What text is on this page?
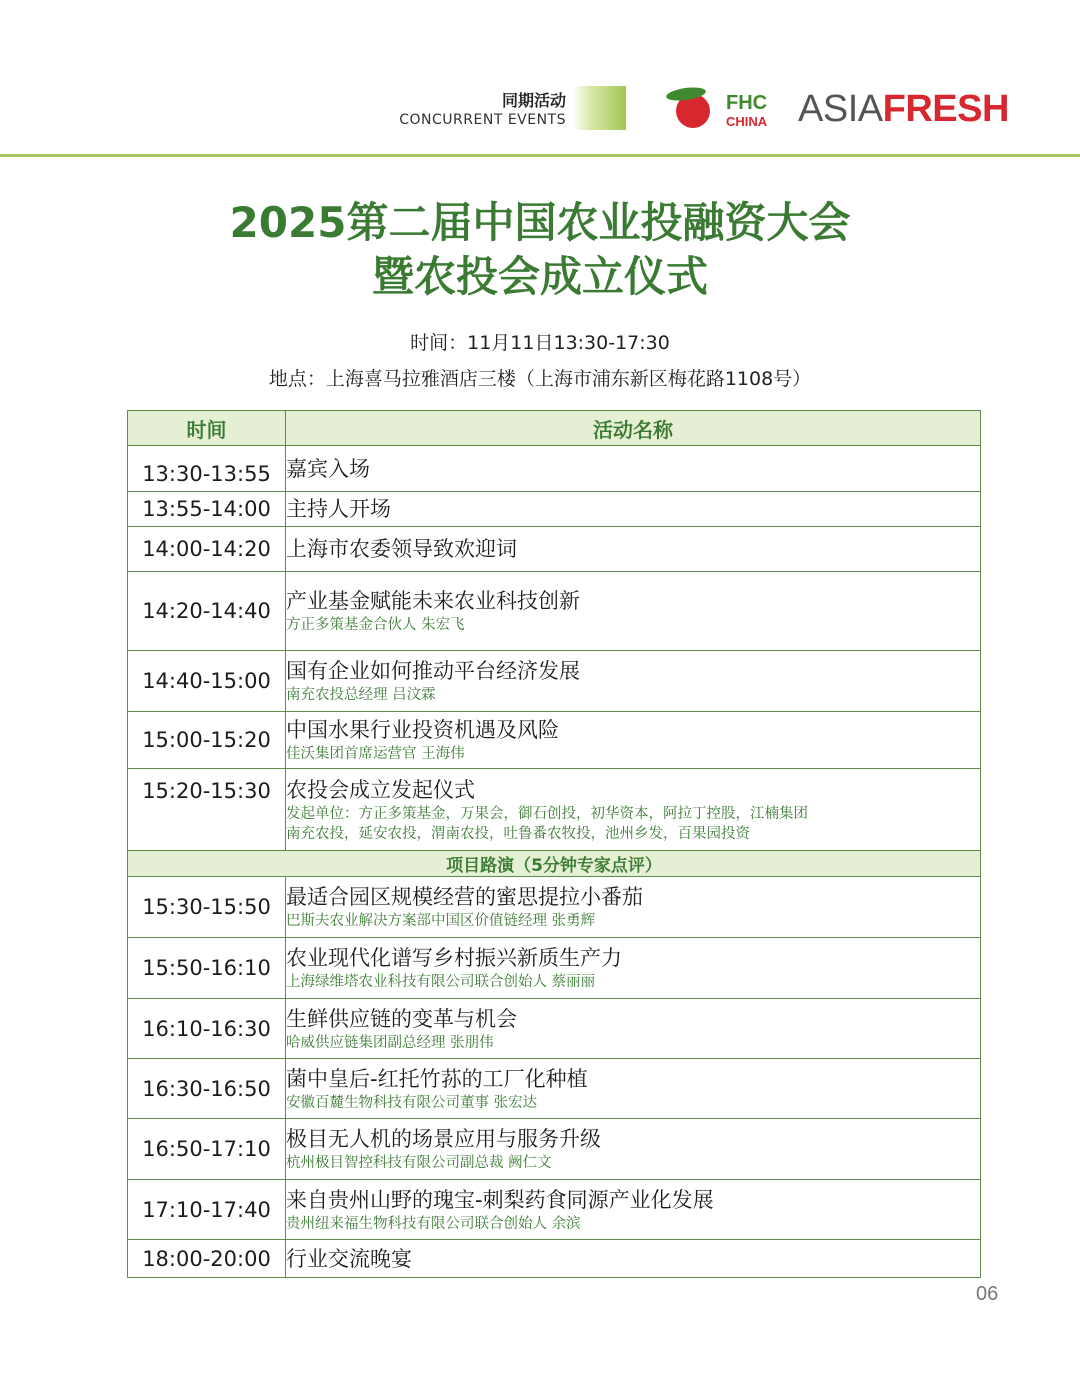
同期活动
CONCURRENT EVENTS
FHC
CHINA ASIAFRESH
2025第二届中国农业投融资大会
暨农投会成立仪式
时间：11月11日13:30-17:30
地点：上海喜马拉雅酒店三楼（上海市浦东新区梅花路1108号）
时间	活动名称
13:30-13:55	嘉宾入场

13:55-14:00	主持人开场

14:00-14:20	上海市农委领导致欢迎词

14:20-14:40	产业基金赋能未来农业科技创新
方正多策基金合伙人 朱宏飞

14:40-15:00	国有企业如何推动平台经济发展
南充农投总经理 吕汶霖

15:00-15:20	中国水果行业投资机遇及风险
佳沃集团首席运营官 王海伟

15:20-15:30	农投会成立发起仪式
发起单位：方正多策基金，万果会，御石创投，初华资本，阿拉丁控股，江楠集团
南充农投，延安农投，渭南农投，吐鲁番农牧投，池州乡发，百果园投资

项目路演（5分钟专家点评）	
15:30-15:50	最适合园区规模经营的蜜思提拉小番茄
巴斯夫农业解决方案部中国区价值链经理 张勇辉

15:50-16:10	农业现代化谱写乡村振兴新质生产力
上海绿维塔农业科技有限公司联合创始人 蔡丽丽

16:10-16:30	生鲜供应链的变革与机会
哈威供应链集团副总经理 张朋伟

16:30-16:50	菌中皇后-红托竹荪的工厂化种植
安徽百麓生物科技有限公司董事 张宏达

16:50-17:10	极目无人机的场景应用与服务升级
杭州极目智控科技有限公司副总裁 阙仁文

17:10-17:40	来自贵州山野的瑰宝-刺梨药食同源产业化发展
贵州纽来福生物科技有限公司联合创始人 余滨

18:00-20:00	行业交流晚宴
06
